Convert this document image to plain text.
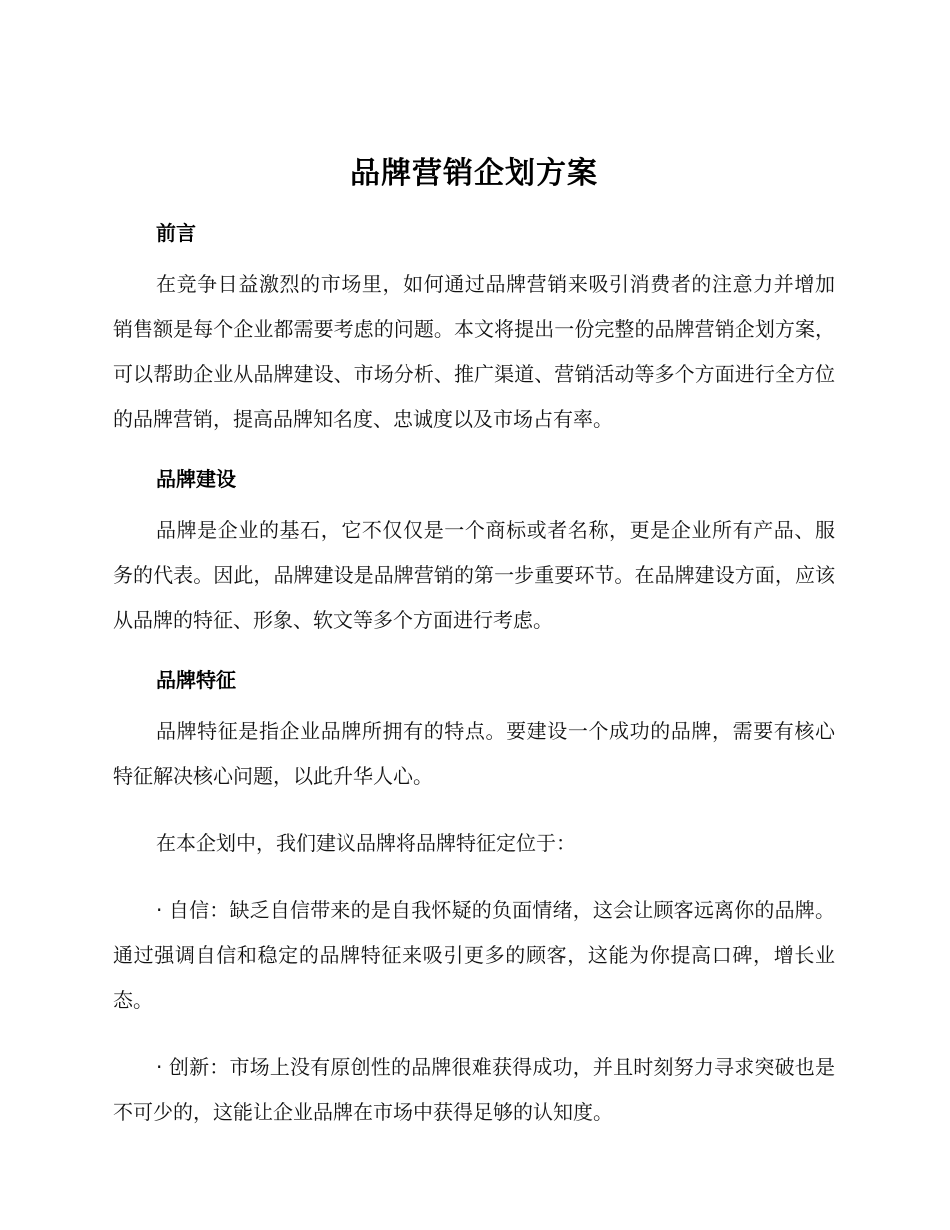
品牌营销企划方案
前言

在竞争日益激烈的市场里，如何通过品牌营销来吸引消费者的注意力并增加销售额是每个企业都需要考虑的问题。本文将提出一份完整的品牌营销企划方案，可以帮助企业从品牌建设、市场分析、推广渠道、营销活动等多个方面进行全方位的品牌营销，提高品牌知名度、忠诚度以及市场占有率。

品牌建设

品牌是企业的基石，它不仅仅是一个商标或者名称，更是企业所有产品、服务的代表。因此，品牌建设是品牌营销的第一步重要环节。在品牌建设方面，应该从品牌的特征、形象、软文等多个方面进行考虑。

品牌特征

品牌特征是指企业品牌所拥有的特点。要建设一个成功的品牌，需要有核心特征解决核心问题，以此升华人心。

在本企划中，我们建议品牌将品牌特征定位于：

· 自信：缺乏自信带来的是自我怀疑的负面情绪，这会让顾客远离你的品牌。通过强调自信和稳定的品牌特征来吸引更多的顾客，这能为你提高口碑，增长业态。

· 创新：市场上没有原创性的品牌很难获得成功，并且时刻努力寻求突破也是不可少的，这能让企业品牌在市场中获得足够的认知度。
